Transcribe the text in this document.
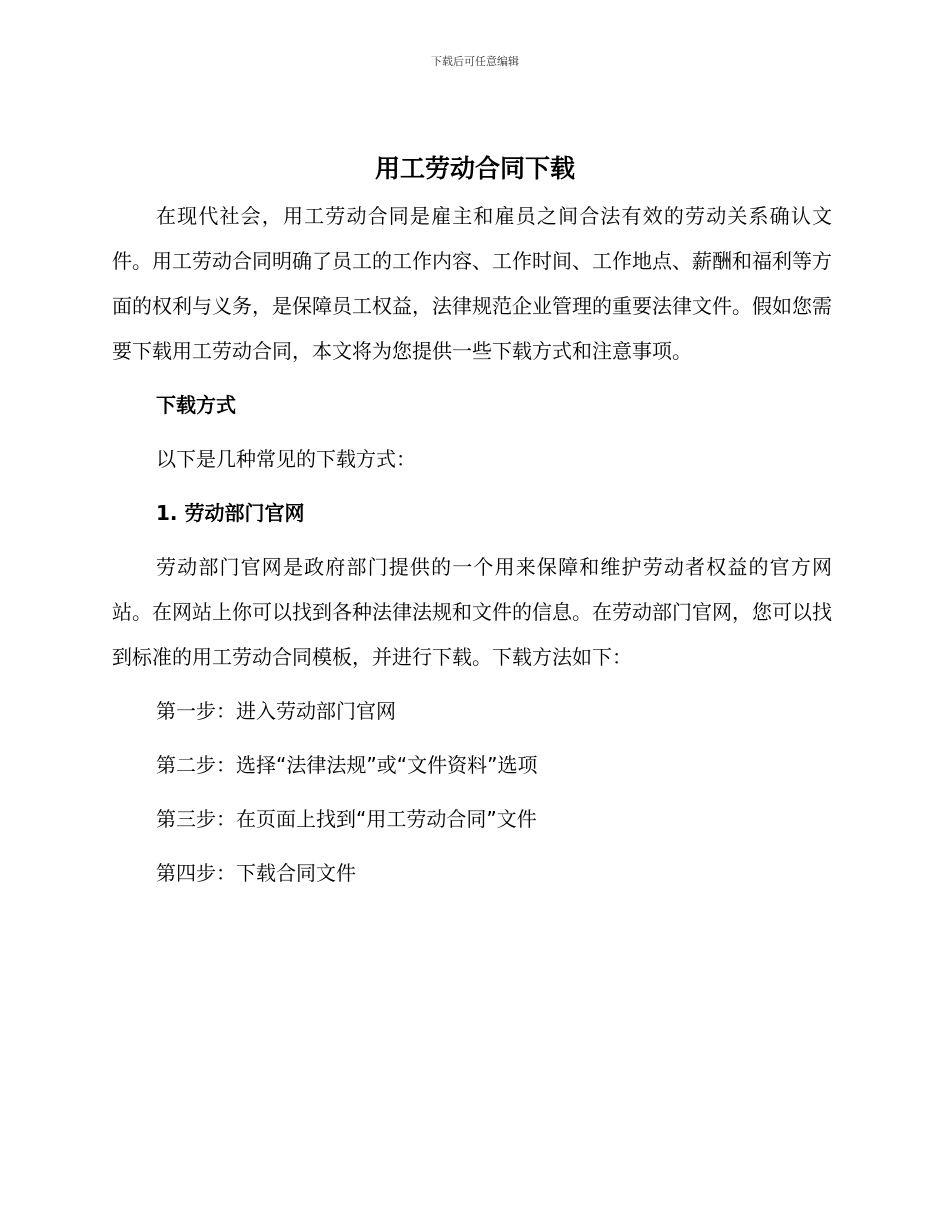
下载后可任意编辑
用工劳动合同下载

在现代社会，用工劳动合同是雇主和雇员之间合法有效的劳动关系确认文件。用工劳动合同明确了员工的工作内容、工作时间、工作地点、薪酬和福利等方面的权利与义务，是保障员工权益，法律规范企业管理的重要法律文件。假如您需要下载用工劳动合同，本文将为您提供一些下载方式和注意事项。

下载方式

以下是几种常见的下载方式：

1. 劳动部门官网

劳动部门官网是政府部门提供的一个用来保障和维护劳动者权益的官方网站。在网站上你可以找到各种法律法规和文件的信息。在劳动部门官网，您可以找到标准的用工劳动合同模板，并进行下载。下载方法如下：

第一步：进入劳动部门官网
第二步：选择“法律法规”或“文件资料”选项
第三步：在页面上找到“用工劳动合同”文件
第四步：下载合同文件
